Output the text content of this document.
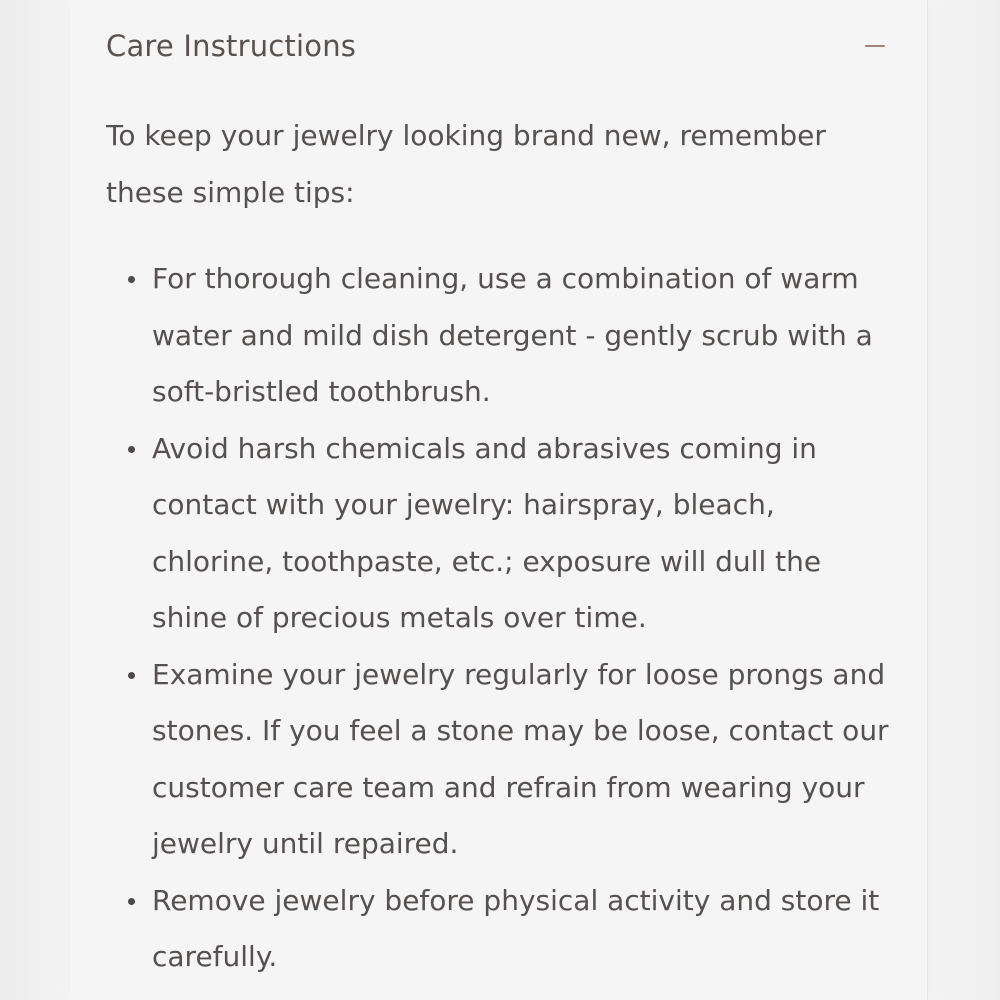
Care Instructions

To keep your jewelry looking brand new, remember these simple tips:

For thorough cleaning, use a combination of warm water and mild dish detergent - gently scrub with a soft-bristled toothbrush.
Avoid harsh chemicals and abrasives coming in contact with your jewelry: hairspray, bleach, chlorine, toothpaste, etc.; exposure will dull the shine of precious metals over time.
Examine your jewelry regularly for loose prongs and stones. If you feel a stone may be loose, contact our customer care team and refrain from wearing your jewelry until repaired.
Remove jewelry before physical activity and store it carefully.
